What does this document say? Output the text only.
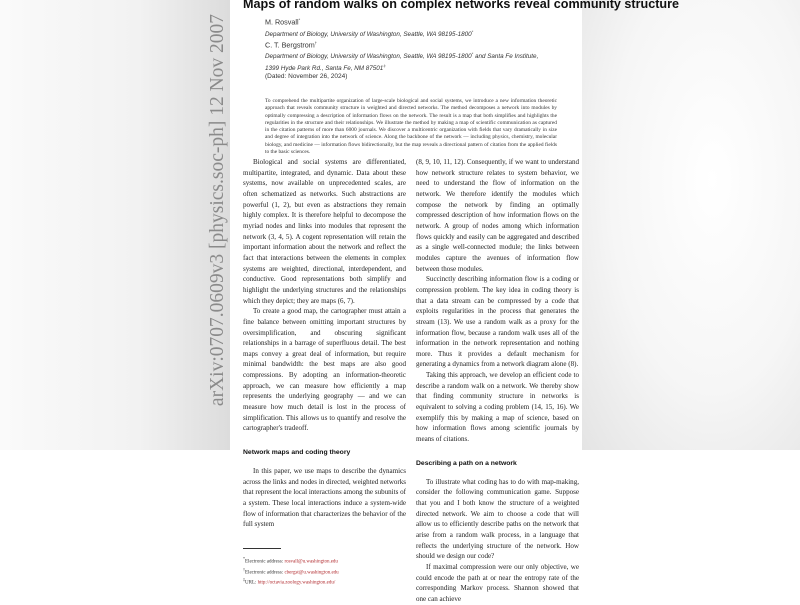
arXiv:0707.0609v3 [physics.soc-ph] 12 Nov 2007
Maps of random walks on complex networks reveal community structure
M. Rosvall*
Department of Biology, University of Washington, Seattle, WA 98195-1800*
C. T. Bergstrom†
Department of Biology, University of Washington, Seattle, WA 98195-1800* and Santa Fe Institute, 1399 Hyde Park Rd., Santa Fe, NM 87501‡
(Dated: November 26, 2024)
To comprehend the multipartite organization of large-scale biological and social systems, we introduce a new information theoretic approach that reveals community structure in weighted and directed networks. The method decomposes a network into modules by optimally compressing a description of information flows on the network. The result is a map that both simplifies and highlights the regularities in the structure and their relationships. We illustrate the method by making a map of scientific communication as captured in the citation patterns of more than 6000 journals. We discover a multicentric organization with fields that vary dramatically in size and degree of integration into the network of science. Along the backbone of the network — including physics, chemistry, molecular biology, and medicine — information flows bidirectionally, but the map reveals a directional pattern of citation from the applied fields to the basic sciences.

Biological and social systems are differentiated, multipartite, integrated, and dynamic. Data about these systems, now available on unprecedented scales, are often schematized as networks. Such abstractions are powerful (1, 2), but even as abstractions they remain highly complex. It is therefore helpful to decompose the myriad nodes and links into modules that represent the network (3, 4, 5). A cogent representation will retain the important information about the network and reflect the fact that interactions between the elements in complex systems are weighted, directional, interdependent, and conductive. Good representations both simplify and highlight the underlying structures and the relationships which they depict; they are maps (6, 7).

To create a good map, the cartographer must attain a fine balance between omitting important structures by oversimplification, and obscuring significant relationships in a barrage of superfluous detail. The best maps convey a great deal of information, but require minimal bandwidth: the best maps are also good compressions. By adopting an information-theoretic approach, we can measure how efficiently a map represents the underlying geography — and we can measure how much detail is lost in the process of simplification. This allows us to quantify and resolve the cartographer's tradeoff.

Network maps and coding theory

In this paper, we use maps to describe the dynamics across the links and nodes in directed, weighted networks that represent the local interactions among the subunits of a system. These local interactions induce a system-wide flow of information that characterizes the behavior of the full system

*Electronic address: rosvall@u.washington.edu

†Electronic address: cbergst@u.washington.edu

‡URL: http://octavia.zoology.washington.edu/

(8, 9, 10, 11, 12). Consequently, if we want to understand how network structure relates to system behavior, we need to understand the flow of information on the network. We therefore identify the modules which compose the network by finding an optimally compressed description of how information flows on the network. A group of nodes among which information flows quickly and easily can be aggregated and described as a single well-connected module; the links between modules capture the avenues of information flow between those modules.

Succinctly describing information flow is a coding or compression problem. The key idea in coding theory is that a data stream can be compressed by a code that exploits regularities in the process that generates the stream (13). We use a random walk as a proxy for the information flow, because a random walk uses all of the information in the network representation and nothing more. Thus it provides a default mechanism for generating a dynamics from a network diagram alone (8).

Taking this approach, we develop an efficient code to describe a random walk on a network. We thereby show that finding community structure in networks is equivalent to solving a coding problem (14, 15, 16). We exemplify this by making a map of science, based on how information flows among scientific journals by means of citations.

Describing a path on a network

To illustrate what coding has to do with map-making, consider the following communication game. Suppose that you and I both know the structure of a weighted directed network. We aim to choose a code that will allow us to efficiently describe paths on the network that arise from a random walk process, in a language that reflects the underlying structure of the network. How should we design our code?

If maximal compression were our only objective, we could encode the path at or near the entropy rate of the corresponding Markov process. Shannon showed that one can achieve
